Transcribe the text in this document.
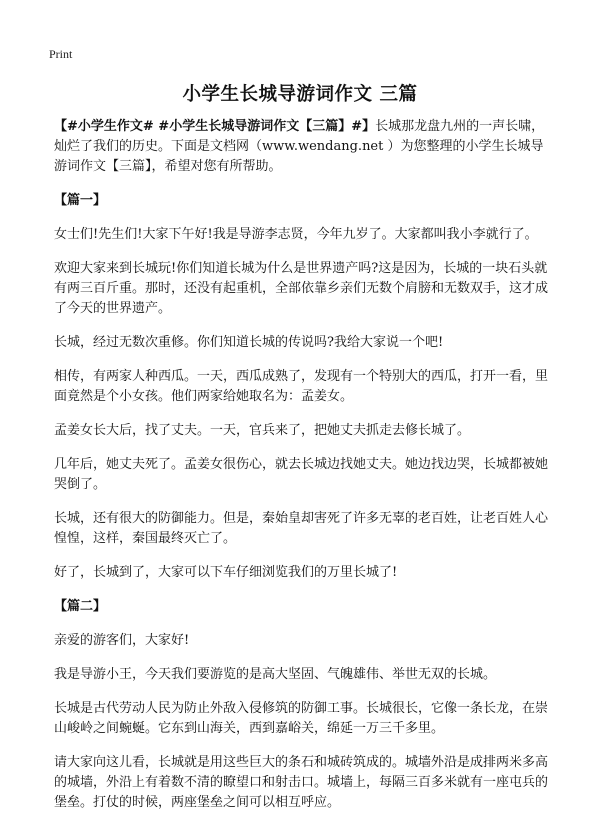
Print
小学生长城导游词作文 三篇

【#小学生作文# #小学生长城导游词作文【三篇】#】长城那龙盘九州的一声长啸，灿烂了我们的历史。下面是文档网（www.wendang.net ）为您整理的小学生长城导游词作文【三篇】，希望对您有所帮助。

【篇一】

女士们!先生们!大家下午好!我是导游李志贤，今年九岁了。大家都叫我小李就行了。

欢迎大家来到长城玩!你们知道长城为什么是世界遗产吗?这是因为，长城的一块石头就有两三百斤重。那时，还没有起重机，全部依靠乡亲们无数个肩膀和无数双手，这才成了今天的世界遗产。

长城，经过无数次重修。你们知道长城的传说吗?我给大家说一个吧!

相传，有两家人种西瓜。一天，西瓜成熟了，发现有一个特别大的西瓜，打开一看，里面竟然是个小女孩。他们两家给她取名为：孟姜女。

孟姜女长大后，找了丈夫。一天，官兵来了，把她丈夫抓走去修长城了。

几年后，她丈夫死了。孟姜女很伤心，就去长城边找她丈夫。她边找边哭，长城都被她哭倒了。

长城，还有很大的防御能力。但是，秦始皇却害死了许多无辜的老百姓，让老百姓人心惶惶，这样，秦国最终灭亡了。

好了，长城到了，大家可以下车仔细浏览我们的万里长城了!

【篇二】

亲爱的游客们，大家好!

我是导游小王，今天我们要游览的是高大坚固、气魄雄伟、举世无双的长城。

长城是古代劳动人民为防止外敌入侵修筑的防御工事。长城很长，它像一条长龙，在崇山峻岭之间蜿蜒。它东到山海关，西到嘉峪关，绵延一万三千多里。

请大家向这儿看，长城就是用这些巨大的条石和城砖筑成的。城墙外沿是成排两米多高的城墙，外沿上有着数不清的瞭望口和射击口。城墙上，每隔三百多米就有一座屯兵的堡垒。打仗的时候，两座堡垒之间可以相互呼应。
